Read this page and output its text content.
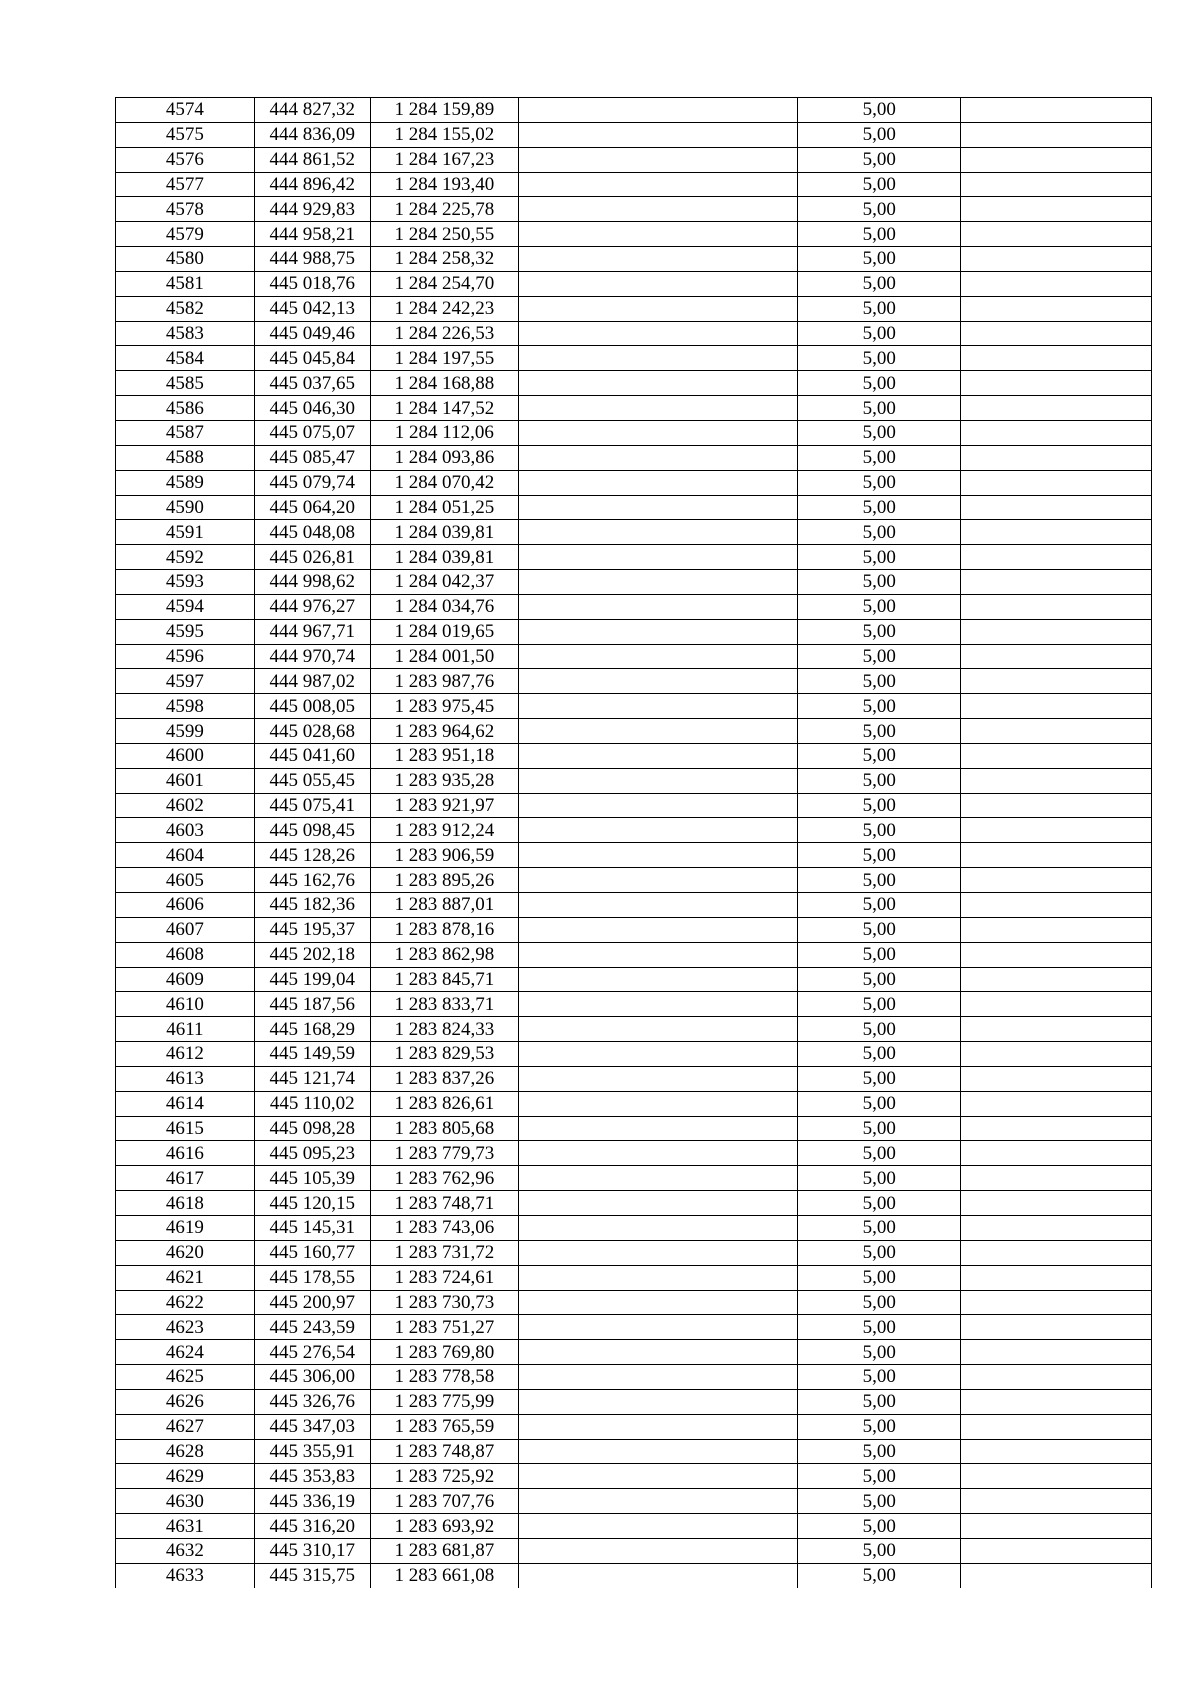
4574	444 827,32	1 284 159,89		5,00	
4575	444 836,09	1 284 155,02		5,00	
4576	444 861,52	1 284 167,23		5,00	
4577	444 896,42	1 284 193,40		5,00	
4578	444 929,83	1 284 225,78		5,00	
4579	444 958,21	1 284 250,55		5,00	
4580	444 988,75	1 284 258,32		5,00	
4581	445 018,76	1 284 254,70		5,00	
4582	445 042,13	1 284 242,23		5,00	
4583	445 049,46	1 284 226,53		5,00	
4584	445 045,84	1 284 197,55		5,00	
4585	445 037,65	1 284 168,88		5,00	
4586	445 046,30	1 284 147,52		5,00	
4587	445 075,07	1 284 112,06		5,00	
4588	445 085,47	1 284 093,86		5,00	
4589	445 079,74	1 284 070,42		5,00	
4590	445 064,20	1 284 051,25		5,00	
4591	445 048,08	1 284 039,81		5,00	
4592	445 026,81	1 284 039,81		5,00	
4593	444 998,62	1 284 042,37		5,00	
4594	444 976,27	1 284 034,76		5,00	
4595	444 967,71	1 284 019,65		5,00	
4596	444 970,74	1 284 001,50		5,00	
4597	444 987,02	1 283 987,76		5,00	
4598	445 008,05	1 283 975,45		5,00	
4599	445 028,68	1 283 964,62		5,00	
4600	445 041,60	1 283 951,18		5,00	
4601	445 055,45	1 283 935,28		5,00	
4602	445 075,41	1 283 921,97		5,00	
4603	445 098,45	1 283 912,24		5,00	
4604	445 128,26	1 283 906,59		5,00	
4605	445 162,76	1 283 895,26		5,00	
4606	445 182,36	1 283 887,01		5,00	
4607	445 195,37	1 283 878,16		5,00	
4608	445 202,18	1 283 862,98		5,00	
4609	445 199,04	1 283 845,71		5,00	
4610	445 187,56	1 283 833,71		5,00	
4611	445 168,29	1 283 824,33		5,00	
4612	445 149,59	1 283 829,53		5,00	
4613	445 121,74	1 283 837,26		5,00	
4614	445 110,02	1 283 826,61		5,00	
4615	445 098,28	1 283 805,68		5,00	
4616	445 095,23	1 283 779,73		5,00	
4617	445 105,39	1 283 762,96		5,00	
4618	445 120,15	1 283 748,71		5,00	
4619	445 145,31	1 283 743,06		5,00	
4620	445 160,77	1 283 731,72		5,00	
4621	445 178,55	1 283 724,61		5,00	
4622	445 200,97	1 283 730,73		5,00	
4623	445 243,59	1 283 751,27		5,00	
4624	445 276,54	1 283 769,80		5,00	
4625	445 306,00	1 283 778,58		5,00	
4626	445 326,76	1 283 775,99		5,00	
4627	445 347,03	1 283 765,59		5,00	
4628	445 355,91	1 283 748,87		5,00	
4629	445 353,83	1 283 725,92		5,00	
4630	445 336,19	1 283 707,76		5,00	
4631	445 316,20	1 283 693,92		5,00	
4632	445 310,17	1 283 681,87		5,00	
4633	445 315,75	1 283 661,08		5,00	
